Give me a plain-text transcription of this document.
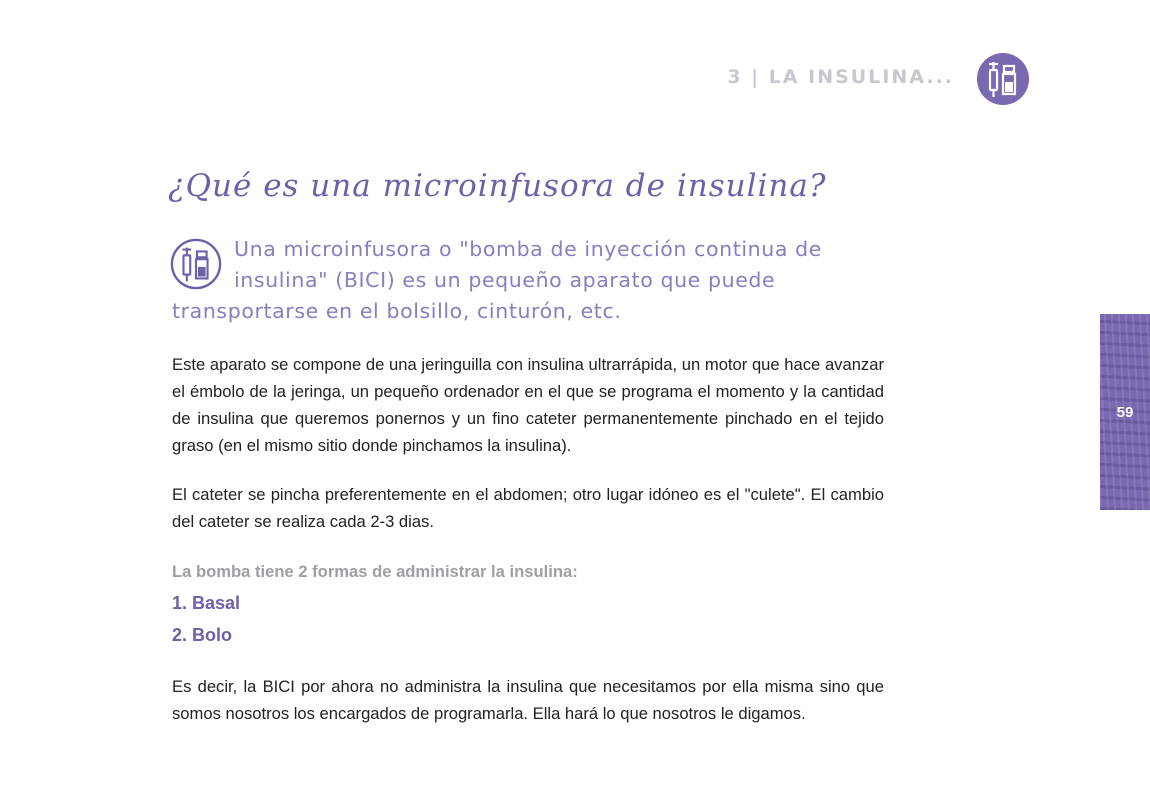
3 | LA INSULINA...
¿Qué es una microinfusora de insulina?

Una microinfusora o "bomba de inyección continua de
insulina" (BICI) es un pequeño aparato que puede
transportarse en el bolsillo, cinturón, etc.

Este aparato se compone de una jeringuilla con insulina ultrarrápida, un motor que hace avanzar el émbolo de la jeringa, un pequeño ordenador en el que se programa el momento y la cantidad de insulina que queremos ponernos y un fino cateter permanentemente pinchado en el tejido graso (en el mismo sitio donde pinchamos la insulina).

El cateter se pincha preferentemente en el abdomen; otro lugar idóneo es el "culete". El cambio del cateter se realiza cada 2-3 dias.

La bomba tiene 2 formas de administrar la insulina:

1. Basal

2. Bolo

Es decir, la BICI por ahora no administra la insulina que necesitamos por ella misma sino que somos nosotros los encargados de programarla. Ella hará lo que nosotros le digamos.

59
